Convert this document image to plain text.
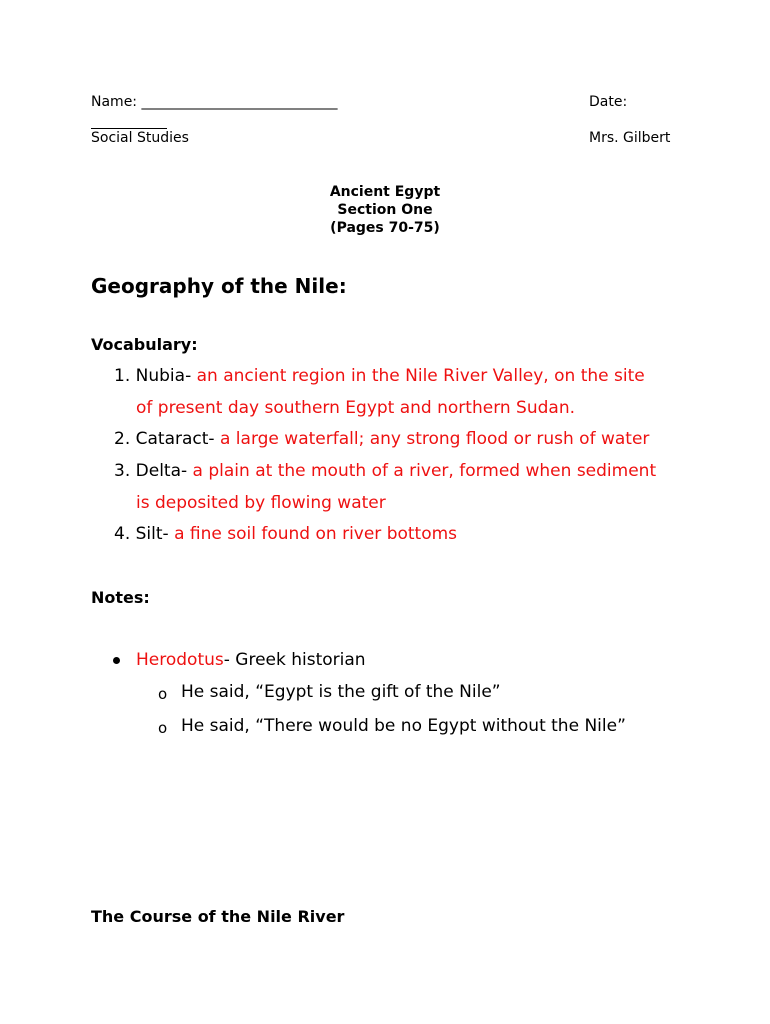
Name: ____________________________	Date:
Social Studies	Mrs. Gilbert
Ancient Egypt
Section One
(Pages 70-75)
Geography of the Nile:
Vocabulary:
1. Nubia- an ancient region in the Nile River Valley, on the site
of present day southern Egypt and northern Sudan.
2. Cataract- a large waterfall; any strong flood or rush of water
3. Delta- a plain at the mouth of a river, formed when sediment
is deposited by flowing water
4. Silt- a fine soil found on river bottoms
Notes:
Herodotus- Greek historian
o He said, “Egypt is the gift of the Nile”
o He said, “There would be no Egypt without the Nile”
The Course of the Nile River
